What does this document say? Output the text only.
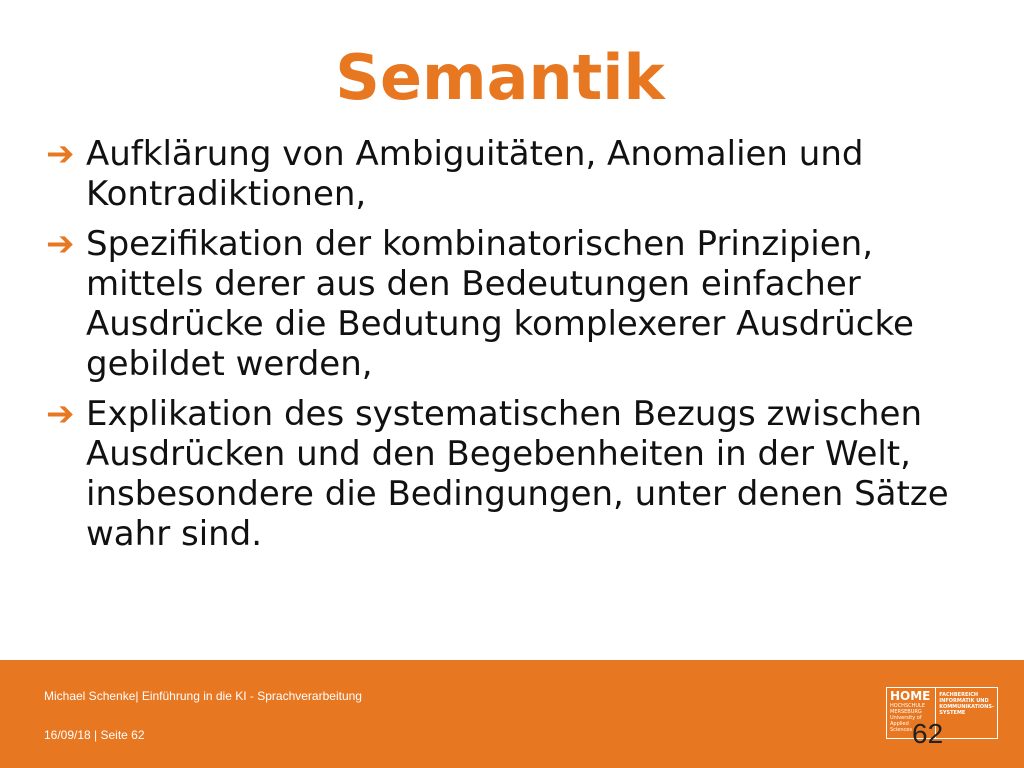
Semantik
➔ Aufklärung von Ambiguitäten, Anomalien und Kontradiktionen,
➔ Spezifikation der kombinatorischen Prinzipien, mittels derer aus den Bedeutungen einfacher Ausdrücke die Bedutung komplexerer Ausdrücke gebildet werden,
➔ Explikation des systematischen Bezugs zwischen Ausdrücken und den Begebenheiten in der Welt, insbesondere die Bedingungen, unter denen Sätze wahr sind.
Michael Schenke| Einführung in die KI - Sprachverarbeitung
16/09/18 | Seite 62
HOME
HOCHSCHULE
MERSEBURG
University of
Applied Sciences
FACHBEREICH
INFORMATIK UND
KOMMUNIKATIONS-
SYSTEME
62
